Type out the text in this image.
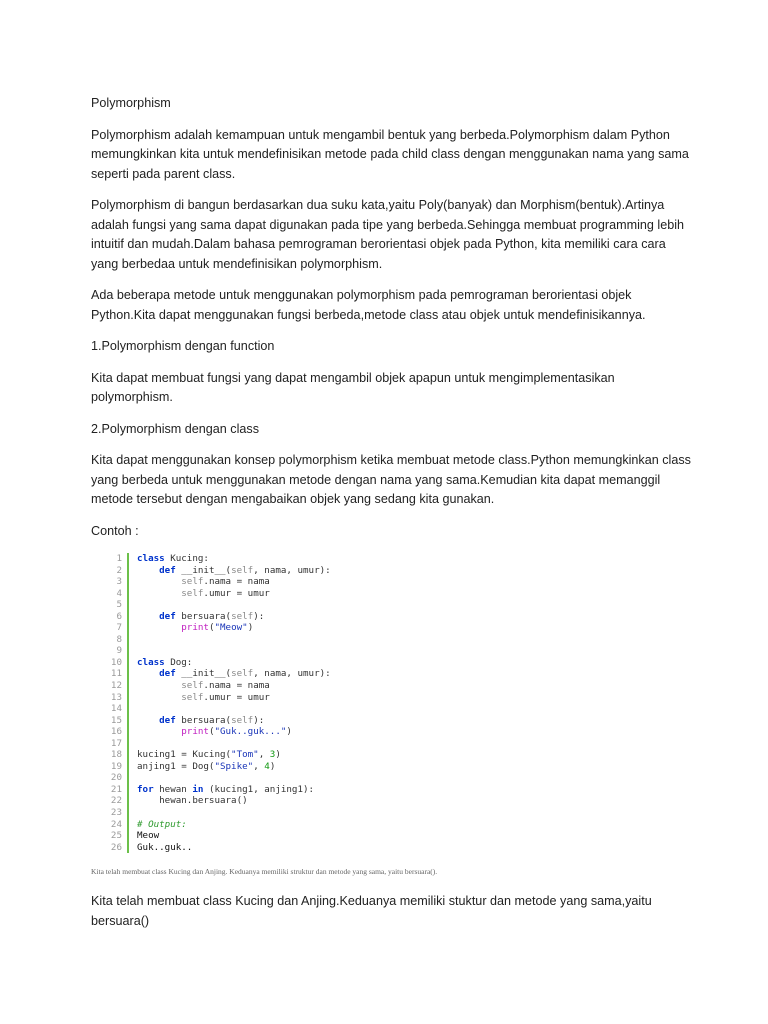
Polymorphism

Polymorphism adalah kemampuan untuk mengambil bentuk yang berbeda.Polymorphism dalam Python memungkinkan kita untuk mendefinisikan metode pada child class dengan menggunakan nama yang sama seperti pada parent class.

Polymorphism di bangun berdasarkan dua suku kata,yaitu Poly(banyak) dan Morphism(bentuk).Artinya adalah fungsi yang sama dapat digunakan pada tipe yang berbeda.Sehingga membuat programming lebih intuitif dan mudah.Dalam bahasa pemrograman berorientasi objek pada Python, kita memiliki cara cara yang berbedaa untuk mendefinisikan polymorphism.

Ada beberapa metode untuk menggunakan polymorphism pada pemrograman berorientasi objek Python.Kita dapat menggunakan fungsi berbeda,metode class atau objek untuk mendefinisikannya.

1.Polymorphism dengan function

Kita dapat membuat fungsi yang dapat mengambil objek apapun untuk mengimplementasikan polymorphism.

2.Polymorphism dengan class

Kita dapat menggunakan konsep polymorphism ketika membuat metode class.Python memungkinkan class yang berbeda untuk menggunakan metode dengan nama yang sama.Kemudian kita dapat memanggil metode tersebut dengan mengabaikan objek yang sedang kita gunakan.

Contoh :

1	class Kucing:
2	def __init__(self, nama, umur):
3	self.nama = nama
4	self.umur = umur
5
6	def bersuara(self):
7	print("Meow")
8
9
10	class Dog:
11	def __init__(self, nama, umur):
12	self.nama = nama
13	self.umur = umur
14
15	def bersuara(self):
16	print("Guk..guk...")
17
18	kucing1 = Kucing("Tom", 3)
19	anjing1 = Dog("Spike", 4)
20
21	for hewan in (kucing1, anjing1):
22	hewan.bersuara()
23
24	# Output:
25	Meow
26	Guk..guk..
Kita telah membuat class Kucing dan Anjing. Keduanya memiliki struktur dan metode yang sama, yaitu bersuara().

Kita telah membuat class Kucing dan Anjing.Keduanya memiliki stuktur dan metode yang sama,yaitu bersuara()
